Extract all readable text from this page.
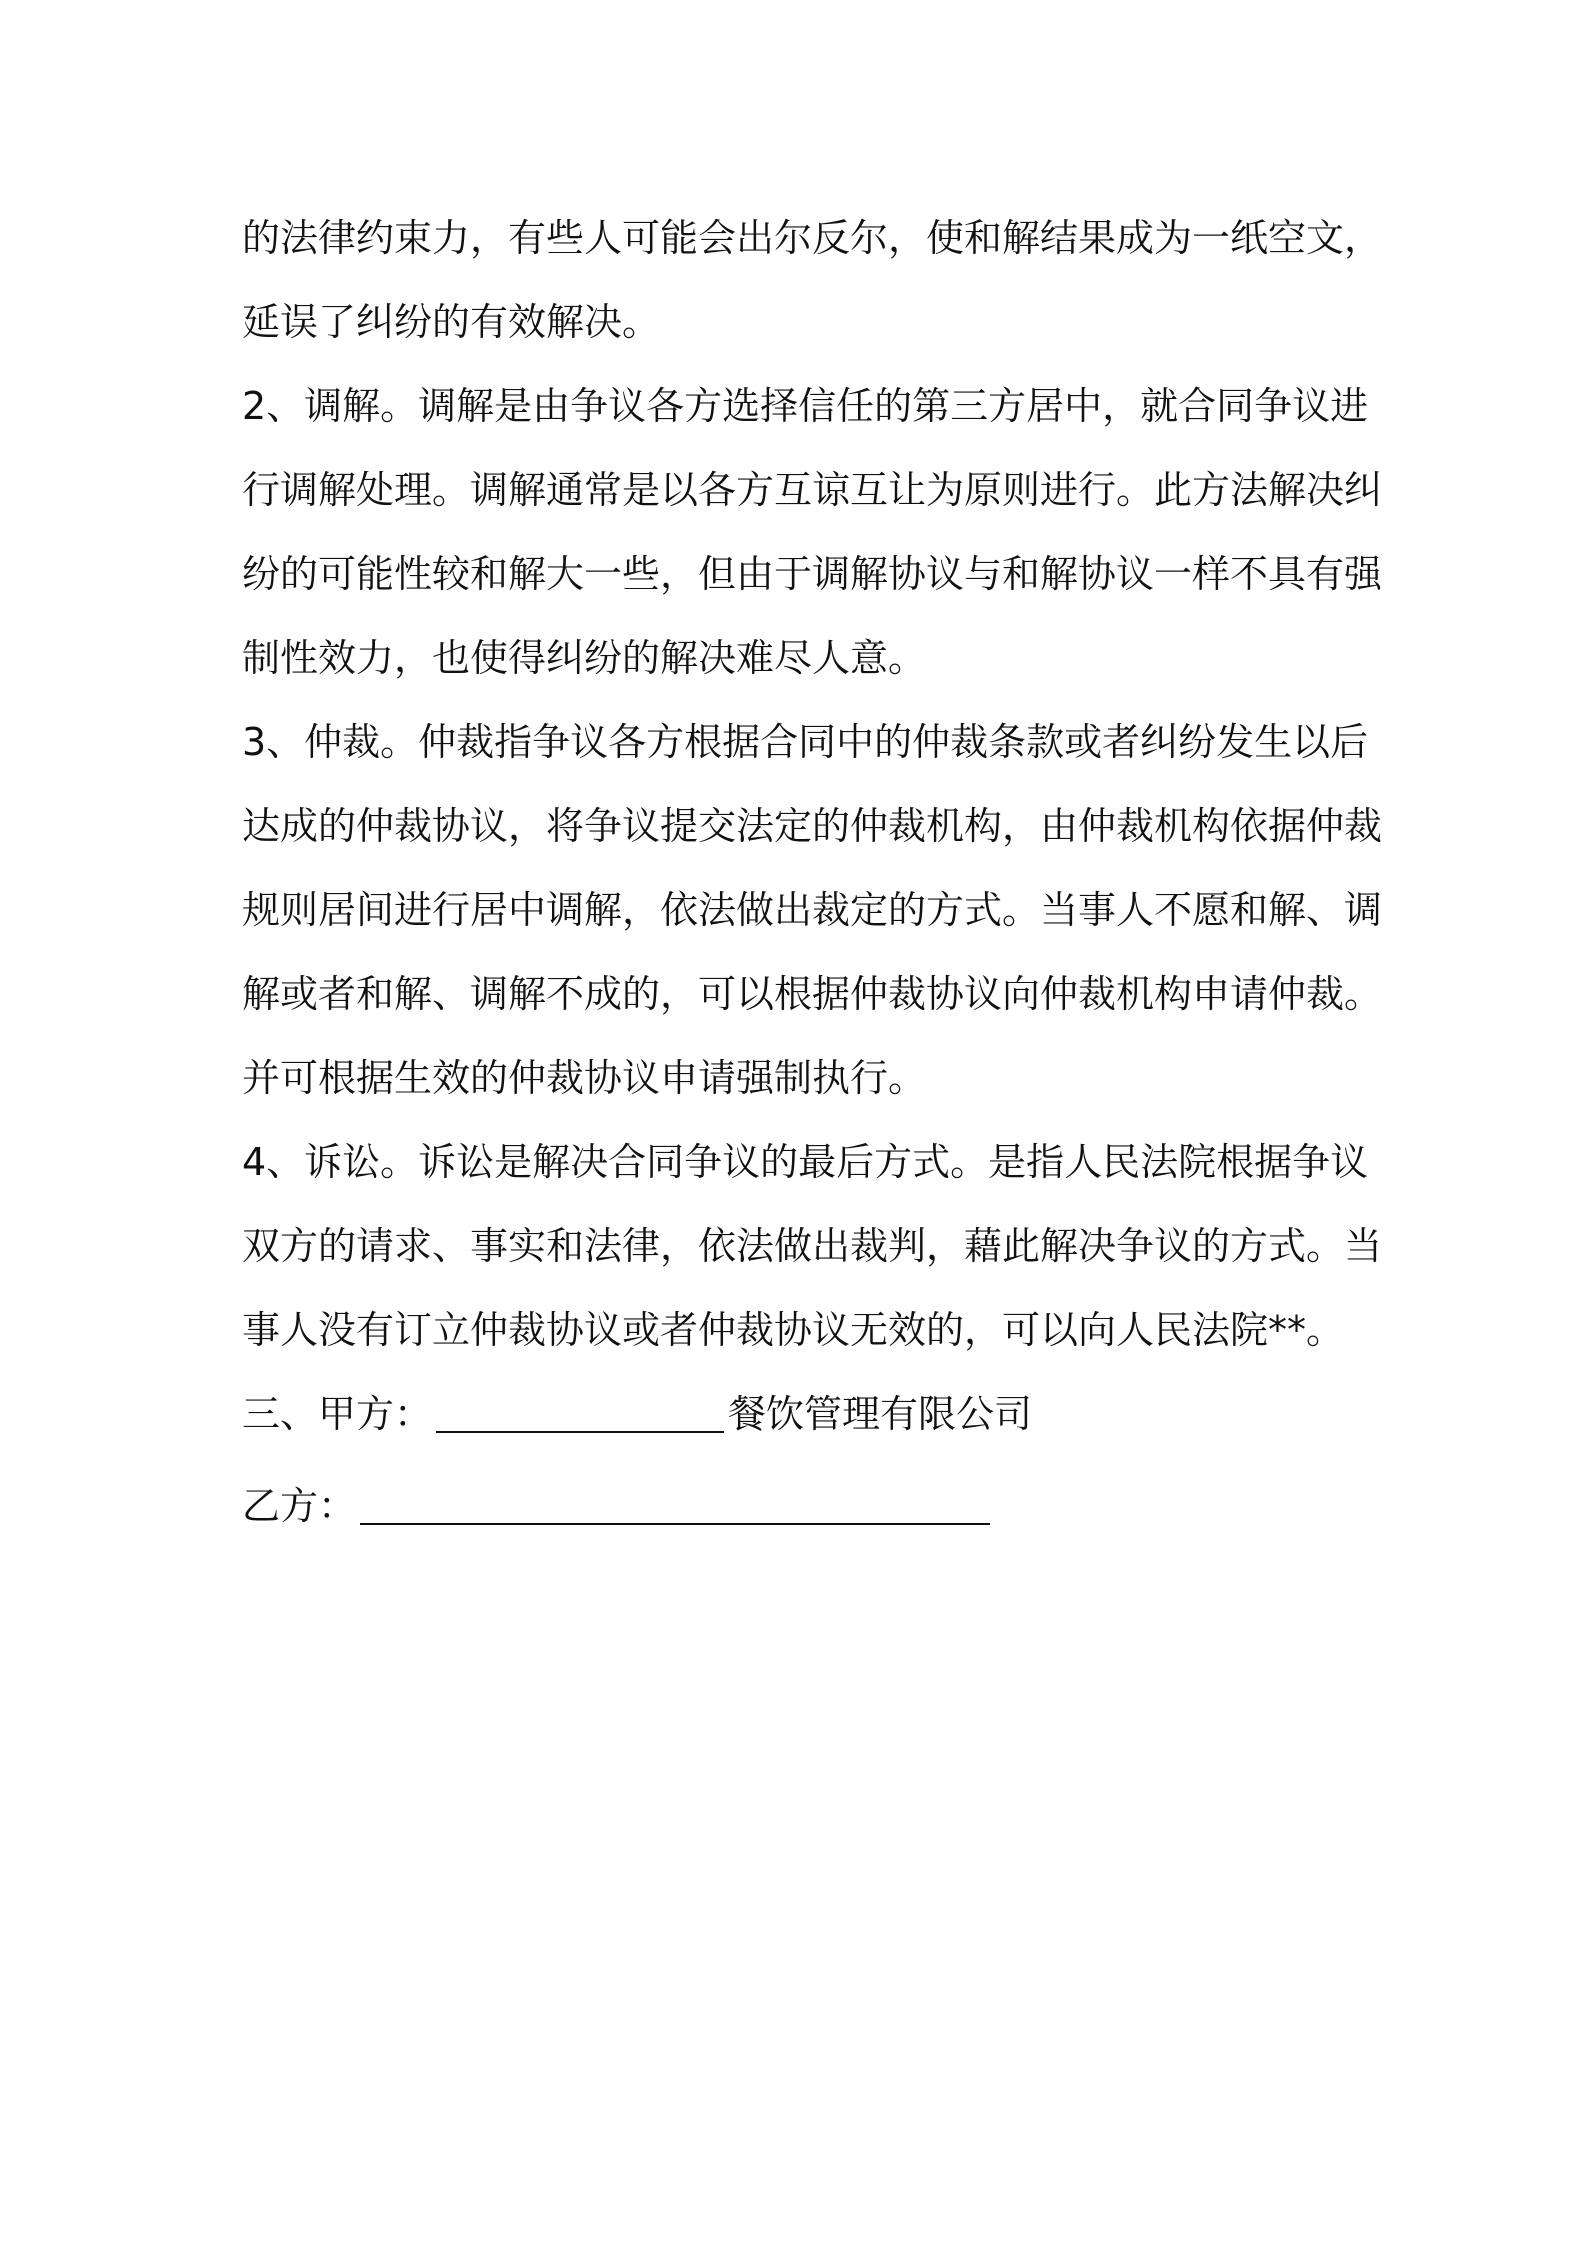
的法律约束力，有些人可能会出尔反尔，使和解结果成为一纸空文，
延误了纠纷的有效解决。
2、调解。调解是由争议各方选择信任的第三方居中，就合同争议进
行调解处理。调解通常是以各方互谅互让为原则进行。此方法解决纠
纷的可能性较和解大一些，但由于调解协议与和解协议一样不具有强
制性效力，也使得纠纷的解决难尽人意。
3、仲裁。仲裁指争议各方根据合同中的仲裁条款或者纠纷发生以后
达成的仲裁协议，将争议提交法定的仲裁机构，由仲裁机构依据仲裁
规则居间进行居中调解，依法做出裁定的方式。当事人不愿和解、调
解或者和解、调解不成的，可以根据仲裁协议向仲裁机构申请仲裁。
并可根据生效的仲裁协议申请强制执行。
4、诉讼。诉讼是解决合同争议的最后方式。是指人民法院根据争议
双方的请求、事实和法律，依法做出裁判，藉此解决争议的方式。当
事人没有订立仲裁协议或者仲裁协议无效的，可以向人民法院**。
三、甲方：	餐饮管理有限公司
乙方：
